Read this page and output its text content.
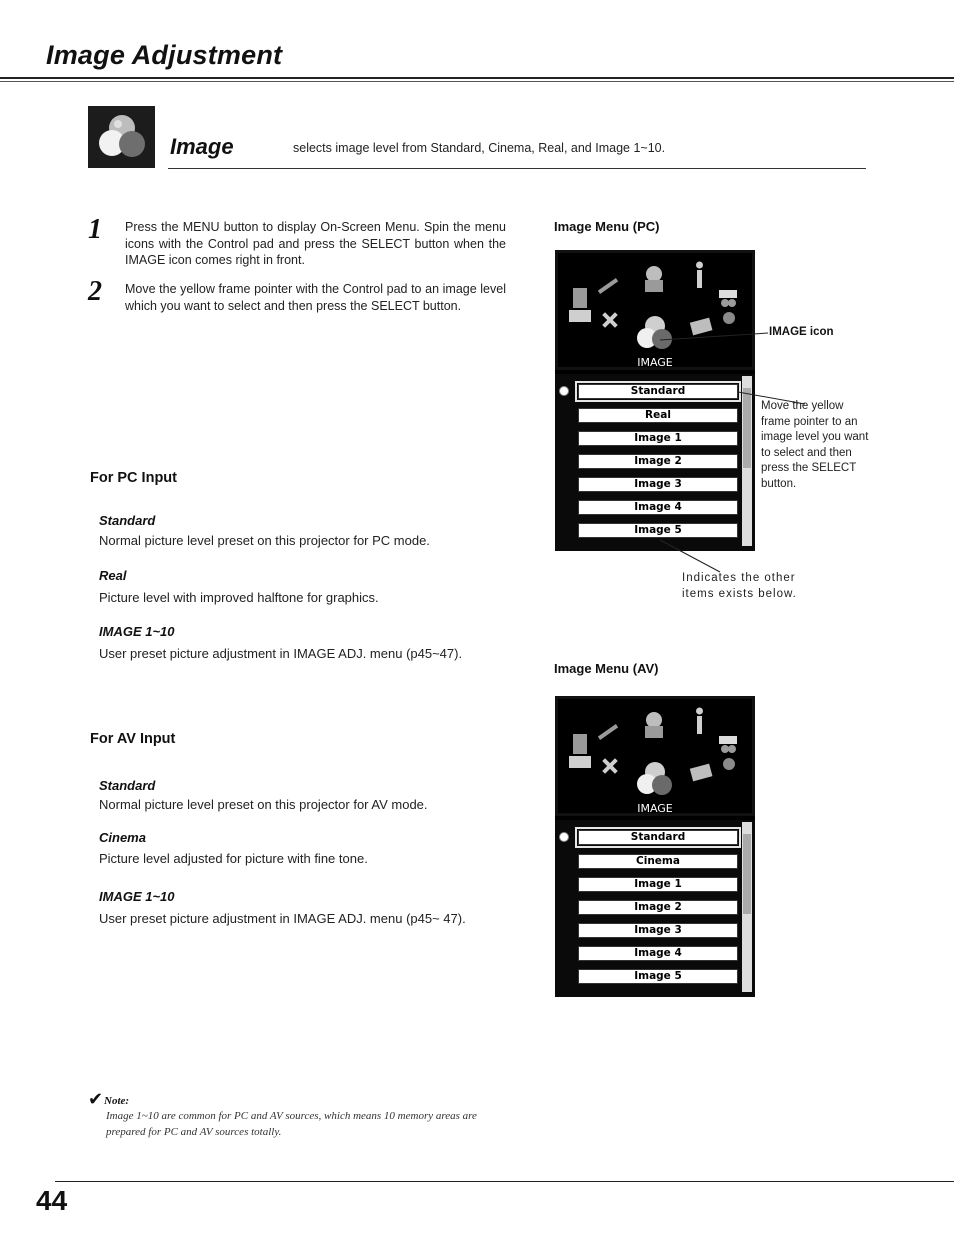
Image Adjustment
Image	selects image level from Standard, Cinema, Real, and Image 1~10.
1 Press the MENU button to display On-Screen Menu. Spin the menu icons with the Control pad and press the SELECT button when the IMAGE icon comes right in front.
2 Move the yellow frame pointer with the Control pad to an image level which you want to select and then press the SELECT button.
For PC Input
Standard
Normal picture level preset on this projector for PC mode.
Real
Picture level with improved halftone for graphics.
IMAGE 1~10
User preset picture adjustment in IMAGE ADJ. menu (p45~47).
For AV Input
Standard
Normal picture level preset on this projector for AV mode.
Cinema
Picture level adjusted for picture with fine tone.
IMAGE 1~10
User preset picture adjustment in IMAGE ADJ. menu (p45~ 47).
Image Menu (PC)
IMAGE
Standard
Real
Image 1
Image 2
Image 3
Image 4
Image 5
IMAGE icon
Move the yellow frame pointer to an image level you want to select and then press the SELECT button.
Indicates the other items exists below.
Image Menu (AV)
IMAGE
Standard
Cinema
Image 1
Image 2
Image 3
Image 4
Image 5
✔ Note:
Image 1~10 are common for PC and AV sources, which means 10 memory areas are prepared for PC and AV sources totally.
44
